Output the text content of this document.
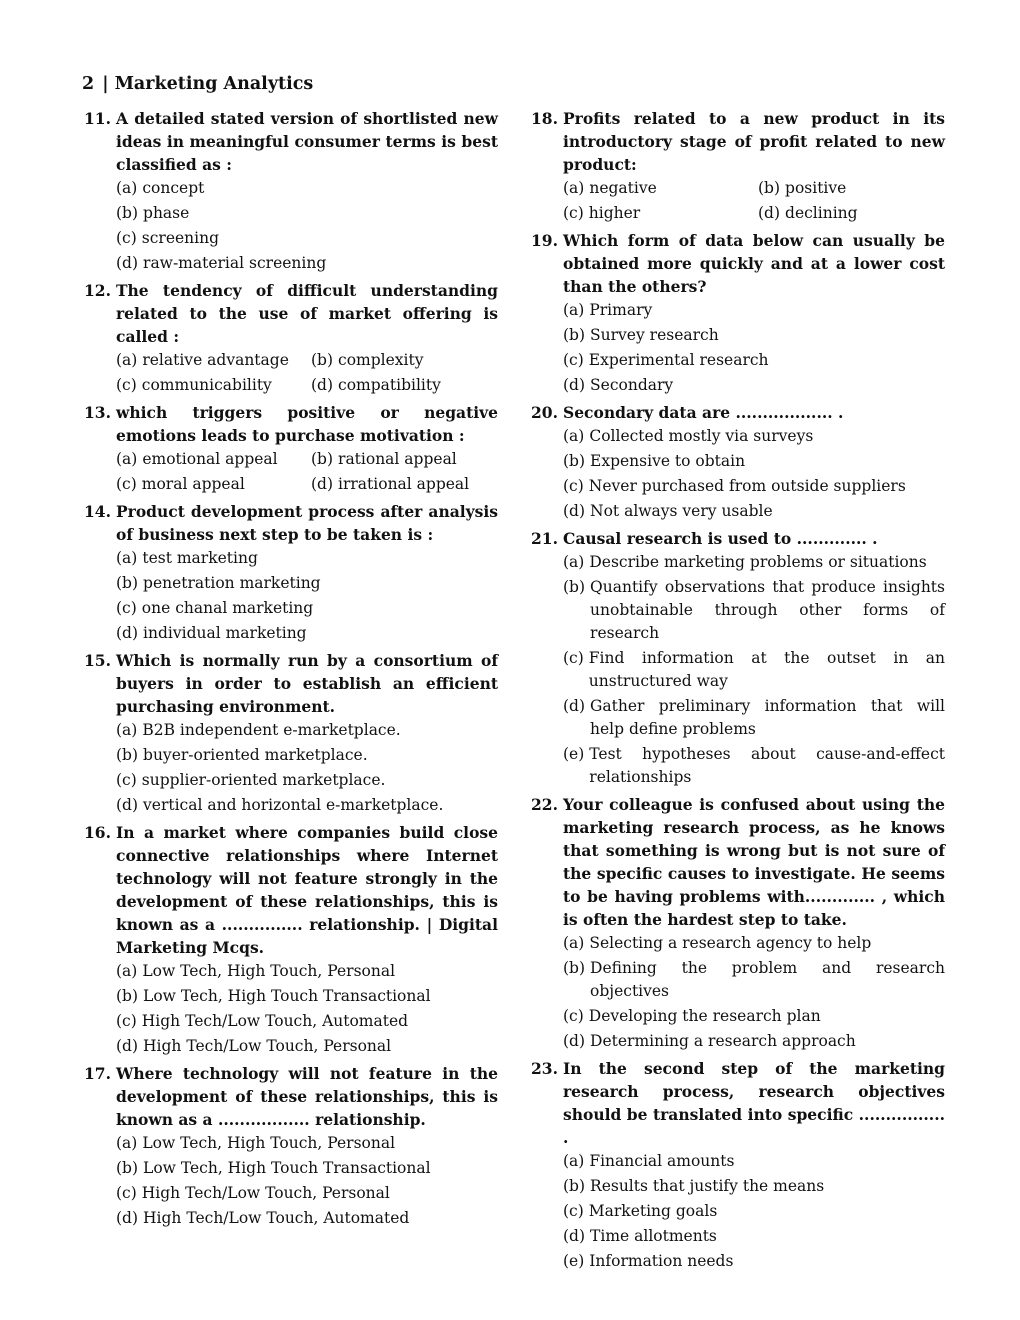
2 | Marketing Analytics
11. A detailed stated version of shortlisted new ideas in meaningful consumer terms is best classified as :
(a) concept
(b) phase
(c) screening
(d) raw-material screening
12. The tendency of difficult understanding related to the use of market offering is called :
(a) relative advantage	(b) complexity
(c) communicability	(d) compatibility
13. which triggers positive or negative emotions leads to purchase motivation :
(a) emotional appeal	(b) rational appeal
(c) moral appeal	(d) irrational appeal
14. Product development process after analysis of business next step to be taken is :
(a) test marketing
(b) penetration marketing
(c) one chanal marketing
(d) individual marketing
15. Which is normally run by a consortium of buyers in order to establish an efficient purchasing environment.
(a) B2B independent e-marketplace.
(b) buyer-oriented marketplace.
(c) supplier-oriented marketplace.
(d) vertical and horizontal e-marketplace.
16. In a market where companies build close connective relationships where Internet technology will not feature strongly in the development of these relationships, this is known as a ............... relationship. | Digital Marketing Mcqs.
(a) Low Tech, High Touch, Personal
(b) Low Tech, High Touch Transactional
(c) High Tech/Low Touch, Automated
(d) High Tech/Low Touch, Personal
17. Where technology will not feature in the development of these relationships, this is known as a ................. relationship.
(a) Low Tech, High Touch, Personal
(b) Low Tech, High Touch Transactional
(c) High Tech/Low Touch, Personal
(d) High Tech/Low Touch, Automated
18. Profits related to a new product in its introductory stage of profit related to new product:
(a) negative	(b) positive
(c) higher	(d) declining
19. Which form of data below can usually be obtained more quickly and at a lower cost than the others?
(a) Primary
(b) Survey research
(c) Experimental research
(d) Secondary
20. Secondary data are .................. .
(a) Collected mostly via surveys
(b) Expensive to obtain
(c) Never purchased from outside suppliers
(d) Not always very usable
21. Causal research is used to ............. .
(a) Describe marketing problems or situations
(b) Quantify observations that produce insights unobtainable through other forms of research
(c) Find information at the outset in an unstructured way
(d) Gather preliminary information that will help define problems
(e) Test hypotheses about cause-and-effect relationships
22. Your colleague is confused about using the marketing research process, as he knows that something is wrong but is not sure of the specific causes to investigate. He seems to be having problems with............. , which is often the hardest step to take.
(a) Selecting a research agency to help
(b) Defining the problem and research objectives
(c) Developing the research plan
(d) Determining a research approach
23. In the second step of the marketing research process, research objectives should be translated into specific ................ .
(a) Financial amounts
(b) Results that justify the means
(c) Marketing goals
(d) Time allotments
(e) Information needs
